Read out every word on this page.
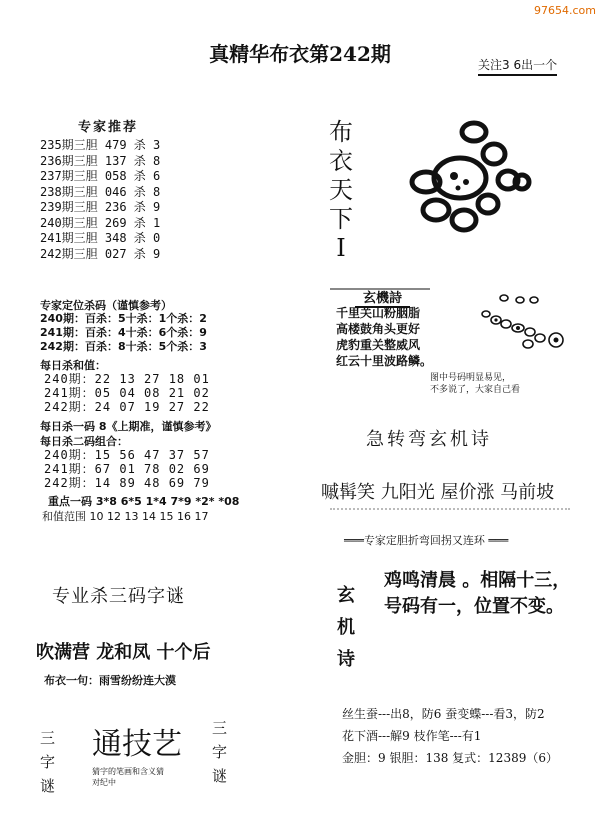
97654.com
真精华布衣第242期	关注3 6出一个
专家推荐
235期三胆 479 杀 3
236期三胆 137 杀 8
237期三胆 058 杀 6
238期三胆 046 杀 8
239期三胆 236 杀 9
240期三胆 269 杀 1
241期三胆 348 杀 0
242期三胆 027 杀 9
专家定位杀码（谨慎参考）
240期：百杀：5十杀：1个杀：2
241期：百杀：4十杀：6个杀：9
242期：百杀：8十杀：5个杀：3
每日杀和值：
240期：22 13 27 18 01
241期：05 04 08 21 02
242期：24 07 19 27 22
每日杀一码 8《上期准，谨慎参考》
每日杀二码组合：
240期：15 56 47 37 57
241期：67 01 78 02 69
242期：14 89 48 69 79
重点一码 3*8 6*5 1*4 7*9 *2* *08
和值范围 10 12 13 14 15 16 17
布
衣
天
下
I
玄機詩
千里关山粉胭脂
高楼鼓角头更好
虎豹重关整威风
红云十里波路鳞。
图中号码明显易见，
不多说了，大家自己看
急转弯玄机诗
嘁髯笑 九阳光 屋价涨 马前坡
═══专家定胆折弯回拐又连环 ═══
玄
机
诗
鸡鸣清晨 。相隔十三，
号码有一，位置不变。
丝生蚕---出8，防6 蚕变蝶---看3，防2
花下酒---解9 枝作笔---有1
金胆：9 银胆：138 复式：12389（6）
专业杀三码字谜
吹满营 龙和凤 十个后
布衣一句：雨雪纷纷连大漠
三
字
谜
通技艺 三
字
谜
猜字的笔画和含义猜
对纪中
